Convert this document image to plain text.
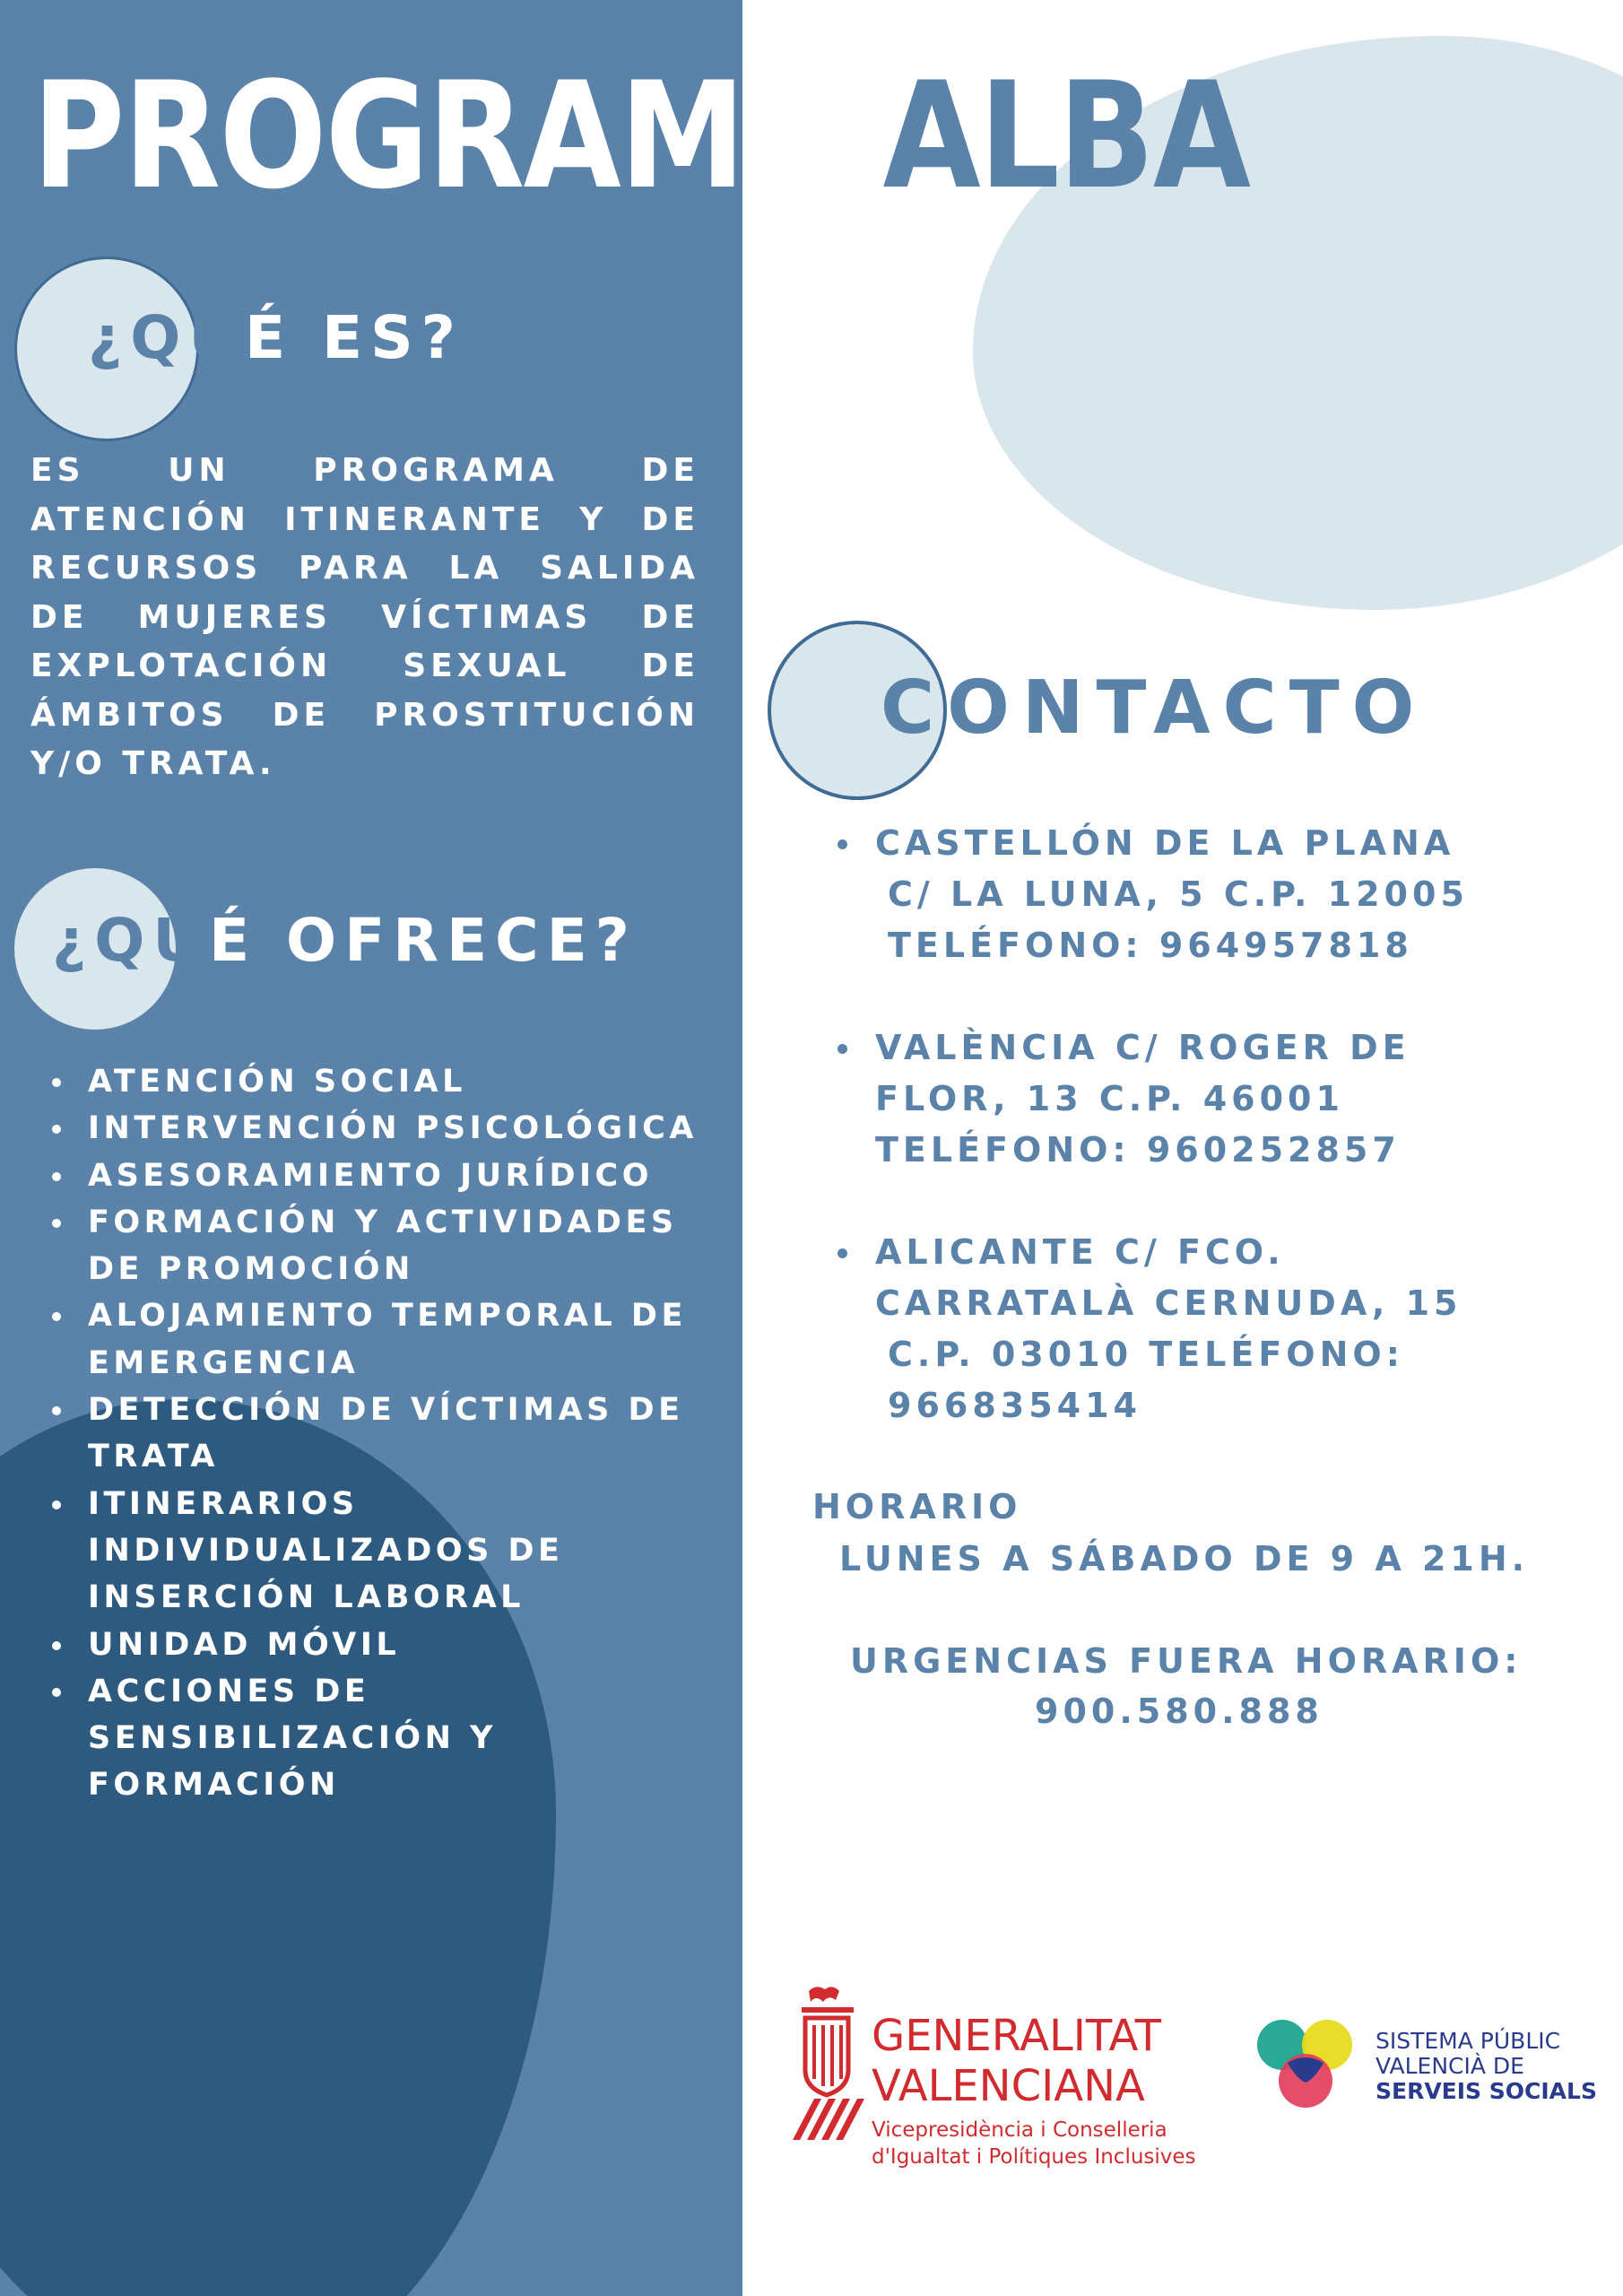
PROGRAMA ALBA
¿QUÉ ES?

ES UN PROGRAMA DE ATENCIÓN ITINERANTE Y DE RECURSOS PARA LA SALIDA DE MUJERES VÍCTIMAS DE EXPLOTACIÓN SEXUAL DE ÁMBITOS DE PROSTITUCIÓN Y/O TRATA.

¿QUÉ OFRECE?
ATENCIÓN SOCIAL
INTERVENCIÓN PSICOLÓGICA
ASESORAMIENTO JURÍDICO
FORMACIÓN Y ACTIVIDADES DE PROMOCIÓN
ALOJAMIENTO TEMPORAL DE EMERGENCIA
DETECCIÓN DE VÍCTIMAS DE TRATA
ITINERARIOS INDIVIDUALIZADOS DE INSERCIÓN LABORAL
UNIDAD MÓVIL
ACCIONES DE SENSIBILIZACIÓN Y FORMACIÓN
CONTACTO
CASTELLÓN DE LA PLANA
C/ LA LUNA, 5 C.P. 12005
TELÉFONO: 964957818
VALÈNCIA C/ ROGER DE
FLOR, 13 C.P. 46001
TELÉFONO: 960252857
ALICANTE C/ FCO.
CARRATALÀ CERNUDA, 15
C.P. 03010 TELÉFONO:
966835414

HORARIO

LUNES A SÁBADO DE 9 A 21H.

URGENCIAS FUERA HORARIO:

900.580.888

GENERALITAT
VALENCIANA

Vicepresidència i Conselleria
d'Igualtat i Polítiques Inclusives

SISTEMA PÚBLIC
VALENCIÀ DE
SERVEIS SOCIALS
